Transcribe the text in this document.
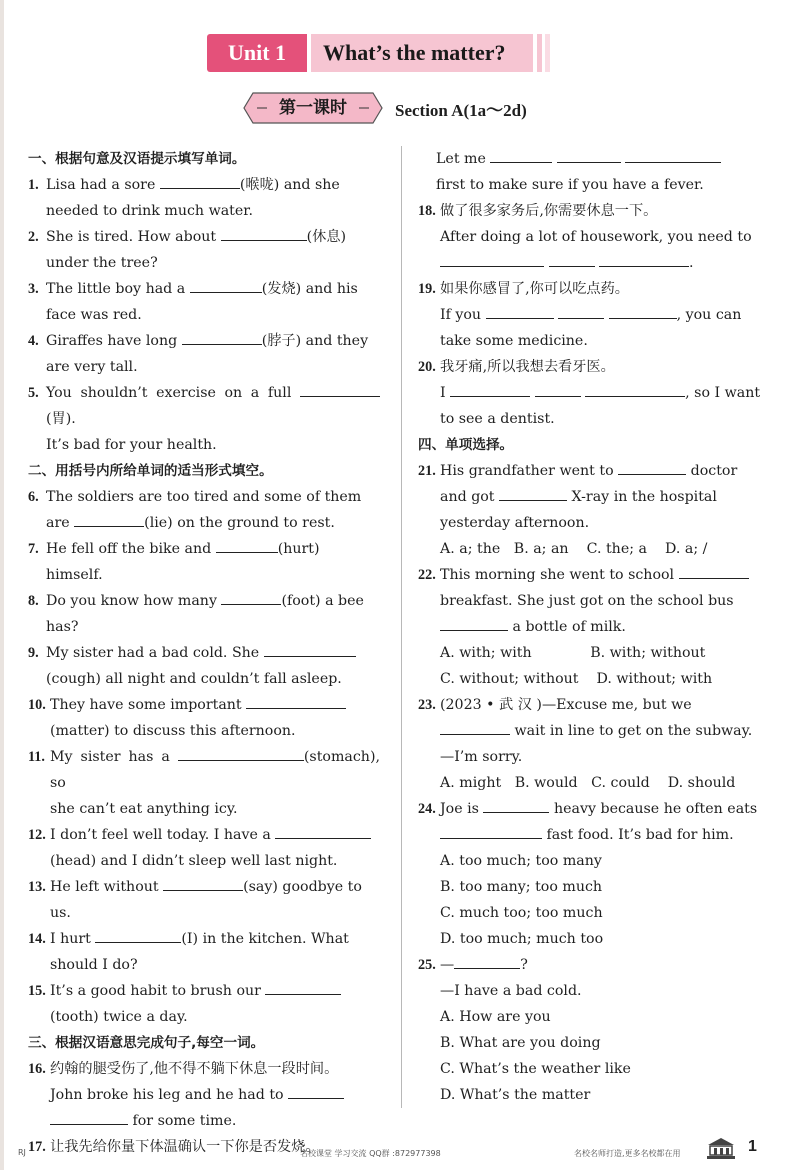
Unit 1	What’s the matter?
第一课时	Section A(1a～2d)
一、根据句意及汉语提示填写单词。
1. Lisa had a sore	(喉咙) and she
needed to drink much water.
2. She is tired. How about	(休息)
under the tree?
3. The little boy had a	(发烧) and his
face was red.
4. Giraffes have long	(脖子) and they
are very tall.
5. You shouldn’t exercise on a full (胃).
It’s bad for your health.
二、用括号内所给单词的适当形式填空。
6. The soldiers are too tired and some of them
are	(lie) on the ground to rest.
7. He fell off the bike and	(hurt)
himself.
8. Do you know how many	(foot) a bee
has?
9. My sister had a bad cold. She
(cough) all night and couldn’t fall asleep.
10. They have some important
(matter) to discuss this afternoon.
11. My sister has a	(stomach), so
she can’t eat anything icy.
12. I don’t feel well today. I have a
(head) and I didn’t sleep well last night.
13. He left without	(say) goodbye to
us.
14. I hurt	(I) in the kitchen. What
should I do?
15. It’s a good habit to brush our
(tooth) twice a day.
三、根据汉语意思完成句子,每空一词。
16. 约翰的腿受伤了,他不得不躺下休息一段时间。
John broke his leg and he had to
for some time.
17. 让我先给你量下体温确认一下你是否发烧。
Let me
first to make sure if you have a fever.
18. 做了很多家务后,你需要休息一下。
After doing a lot of housework, you need to
.
19. 如果你感冒了,你可以吃点药。
If you	, you can
take some medicine.
20. 我牙痛,所以我想去看牙医。
I	, so I want
to see a dentist.
四、单项选择。
21. His grandfather went to	doctor
and got	X-ray in the hospital
yesterday afternoon.
A. a; the   B. a; an    C. the; a    D. a; /
22. This morning she went to school
breakfast. She just got on the school bus
a bottle of milk.
A. with; with             B. with; without
C. without; without    D. without; with
23. (2023 • 武 汉 )—Excuse me, but we
wait in line to get on the subway.
—I’m sorry.
A. might   B. would   C. could    D. should
24. Joe is	heavy because he often eats
fast food. It’s bad for him.
A. too much; too many
B. too many; too much
C. much too; too much
D. too much; much too
25. —	?
—I have a bad cold.
A. How are you
B. What are you doing
C. What’s the weather like
D. What’s the matter
RJ	名校课堂 学习交流 QQ群 :872977398	名校名师打造,更多名校都在用	1
